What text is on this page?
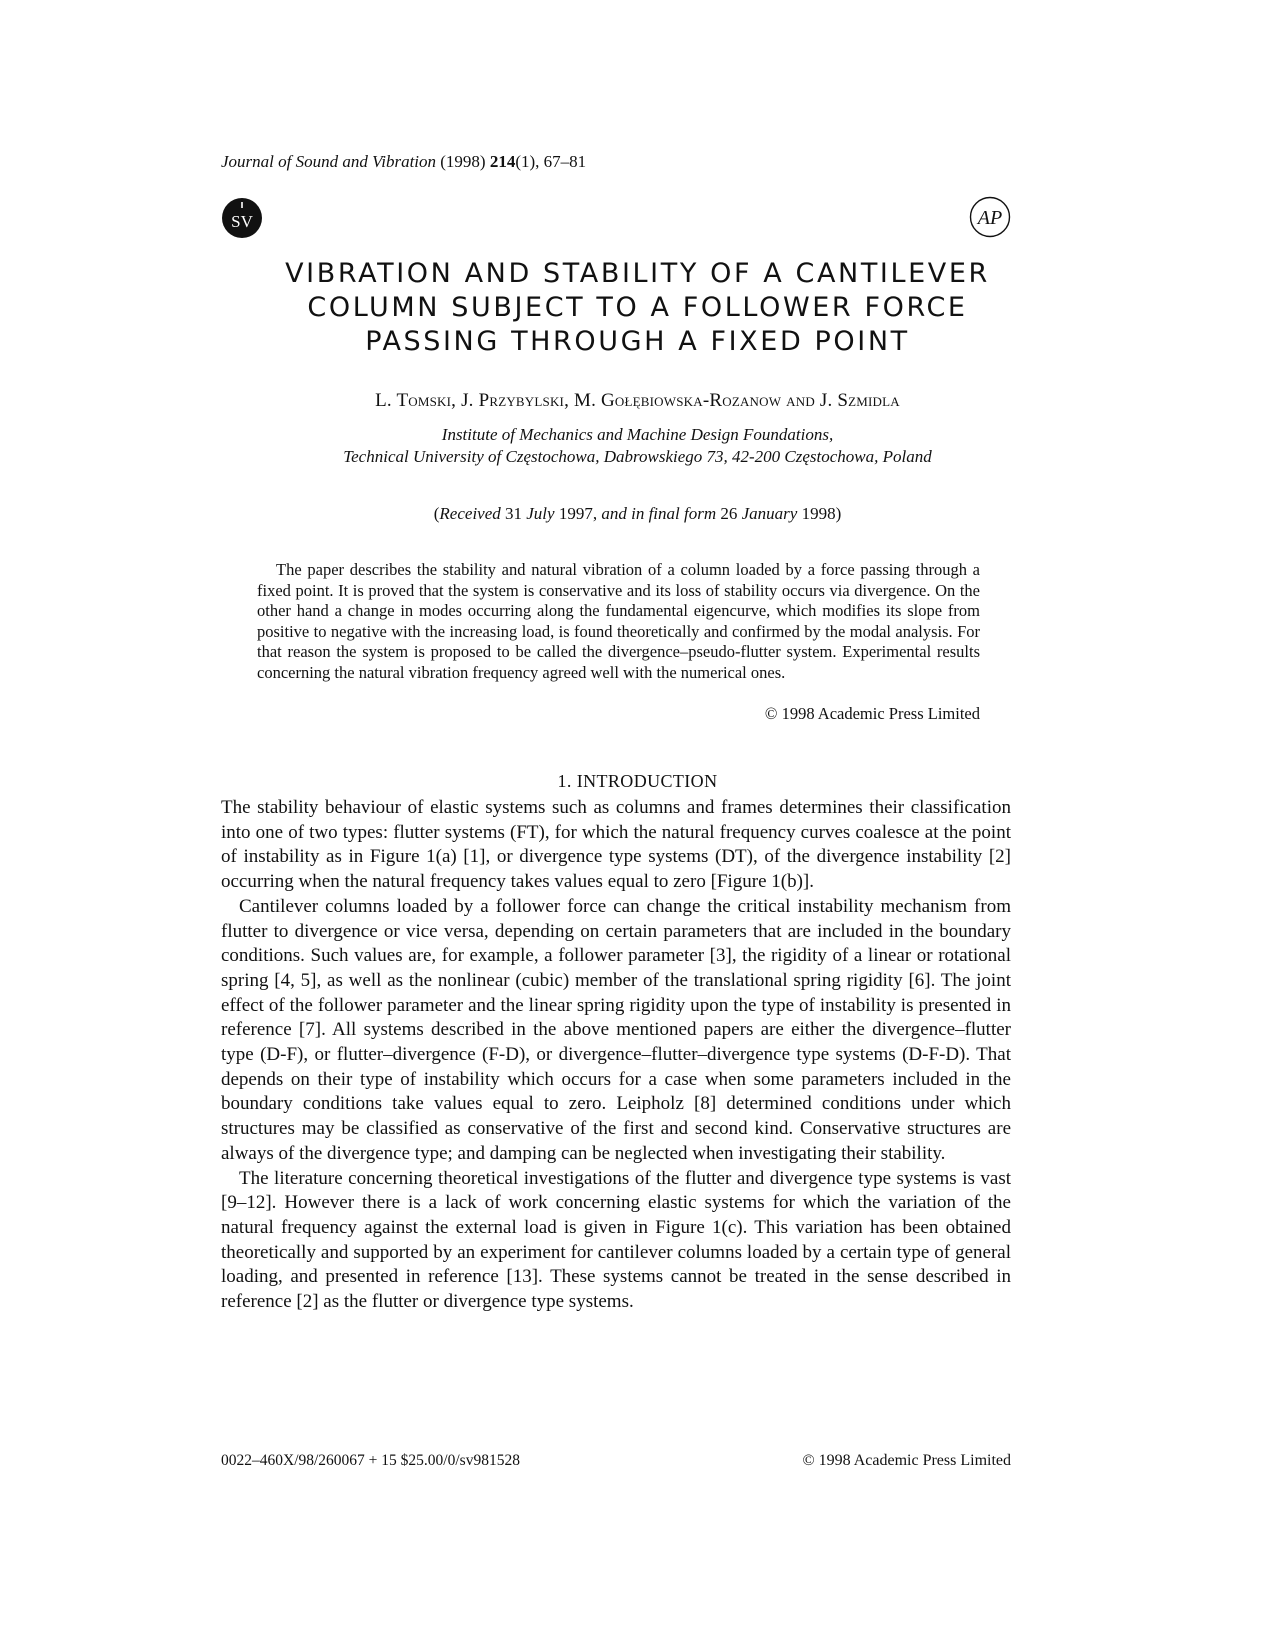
Journal of Sound and Vibration (1998) 214(1), 67–81
SV	AP
VIBRATION AND STABILITY OF A CANTILEVER
COLUMN SUBJECT TO A FOLLOWER FORCE
PASSING THROUGH A FIXED POINT
L. Tomski, J. Przybylski, M. Gołębiowska-Rozanow and J. Szmidla
Institute of Mechanics and Machine Design Foundations,
Technical University of Częstochowa, Dabrowskiego 73, 42-200 Częstochowa, Poland
(Received 31 July 1997, and in final form 26 January 1998)

The paper describes the stability and natural vibration of a column loaded by a force passing through a fixed point. It is proved that the system is conservative and its loss of stability occurs via divergence. On the other hand a change in modes occurring along the fundamental eigencurve, which modifies its slope from positive to negative with the increasing load, is found theoretically and confirmed by the modal analysis. For that reason the system is proposed to be called the divergence–pseudo-flutter system. Experimental results concerning the natural vibration frequency agreed well with the numerical ones.

© 1998 Academic Press Limited
1. INTRODUCTION

The stability behaviour of elastic systems such as columns and frames determines their classification into one of two types: flutter systems (FT), for which the natural frequency curves coalesce at the point of instability as in Figure 1(a) [1], or divergence type systems (DT), of the divergence instability [2] occurring when the natural frequency takes values equal to zero [Figure 1(b)].

Cantilever columns loaded by a follower force can change the critical instability mechanism from flutter to divergence or vice versa, depending on certain parameters that are included in the boundary conditions. Such values are, for example, a follower parameter [3], the rigidity of a linear or rotational spring [4, 5], as well as the nonlinear (cubic) member of the translational spring rigidity [6]. The joint effect of the follower parameter and the linear spring rigidity upon the type of instability is presented in reference [7]. All systems described in the above mentioned papers are either the divergence–flutter type (D-F), or flutter–divergence (F-D), or divergence–flutter–divergence type systems (D-F-D). That depends on their type of instability which occurs for a case when some parameters included in the boundary conditions take values equal to zero. Leipholz [8] determined conditions under which structures may be classified as conservative of the first and second kind. Conservative structures are always of the divergence type; and damping can be neglected when investigating their stability.

The literature concerning theoretical investigations of the flutter and divergence type systems is vast [9–12]. However there is a lack of work concerning elastic systems for which the variation of the natural frequency against the external load is given in Figure 1(c). This variation has been obtained theoretically and supported by an experiment for cantilever columns loaded by a certain type of general loading, and presented in reference [13]. These systems cannot be treated in the sense described in reference [2] as the flutter or divergence type systems.

0022–460X/98/260067 + 15 $25.00/0/sv981528	© 1998 Academic Press Limited
